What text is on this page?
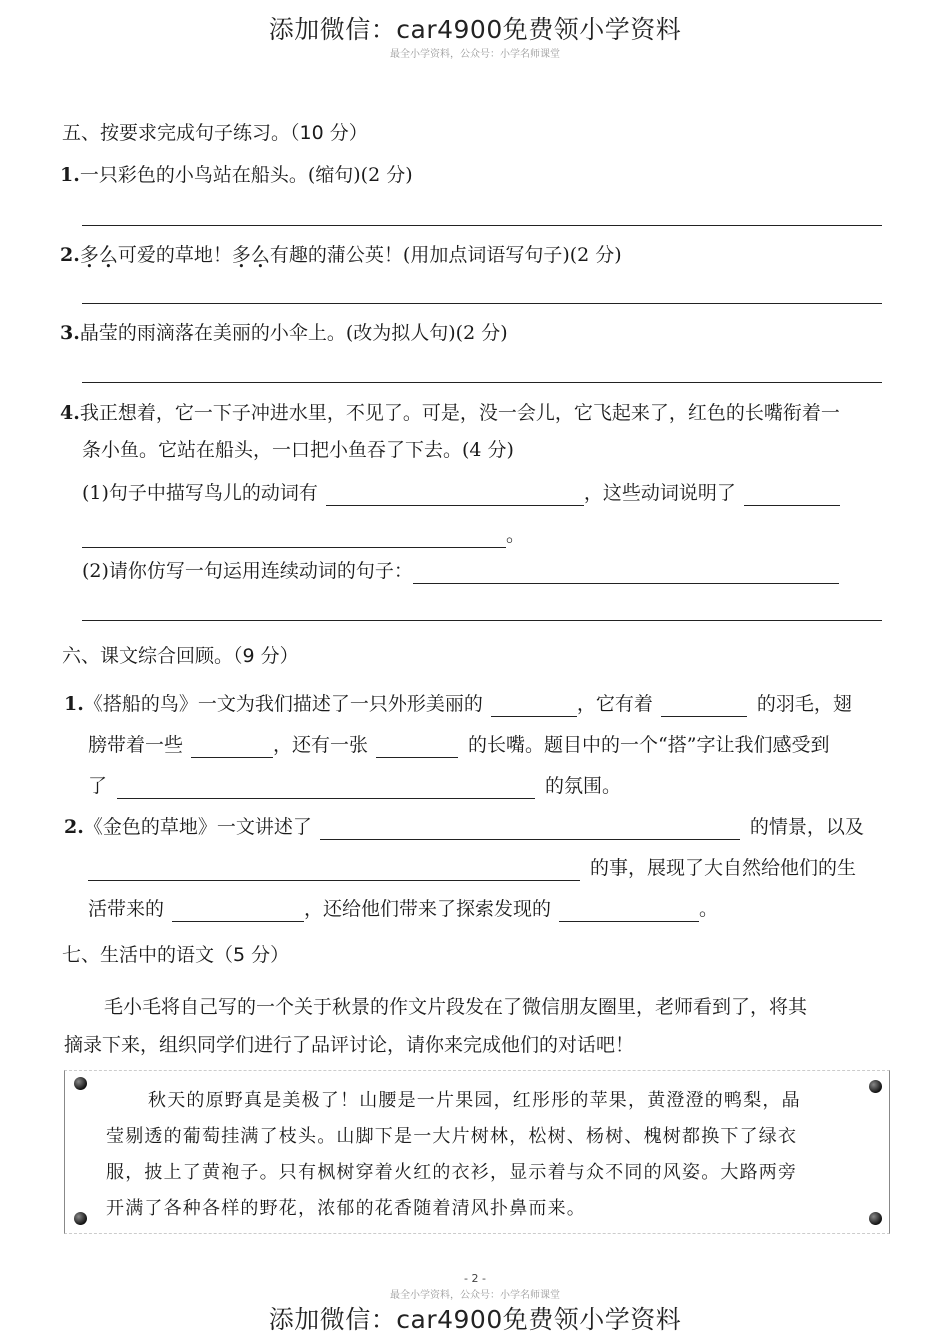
添加微信：car4900免费领小学资料
最全小学资料，公众号：小学名师课堂
五、按要求完成句子练习。（10 分）
1.一只彩色的小鸟站在船头。(缩句)(2 分)
2.多么可爱的草地！多么有趣的蒲公英！(用加点词语写句子)(2 分)
3.晶莹的雨滴落在美丽的小伞上。(改为拟人句)(2 分)
4.我正想着，它一下子冲进水里，不见了。可是，没一会儿，它飞起来了，红色的长嘴衔着一
条小鱼。它站在船头，一口把小鱼吞了下去。(4 分)
(1)句子中描写鸟儿的动词有	，这些动词说明了
。
(2)请你仿写一句运用连续动词的句子：
六、课文综合回顾。（9 分）
1.《搭船的鸟》一文为我们描述了一只外形美丽的	，它有着	的羽毛，翅
膀带着一些	，还有一张	的长嘴。题目中的一个“搭”字让我们感受到
了	的氛围。
2.《金色的草地》一文讲述了	的情景，以及
的事，展现了大自然给他们的生
活带来的	，还给他们带来了探索发现的	。
七、生活中的语文（5 分）
毛小毛将自己写的一个关于秋景的作文片段发在了微信朋友圈里，老师看到了，将其
摘录下来，组织同学们进行了品评讨论，请你来完成他们的对话吧！
秋天的原野真是美极了！山腰是一片果园，红彤彤的苹果，黄澄澄的鸭梨，晶
莹剔透的葡萄挂满了枝头。山脚下是一大片树林，松树、杨树、槐树都换下了绿衣
服，披上了黄袍子。只有枫树穿着火红的衣衫，显示着与众不同的风姿。大路两旁
开满了各种各样的野花，浓郁的花香随着清风扑鼻而来。
- 2 -
最全小学资料，公众号：小学名师课堂
添加微信：car4900免费领小学资料
